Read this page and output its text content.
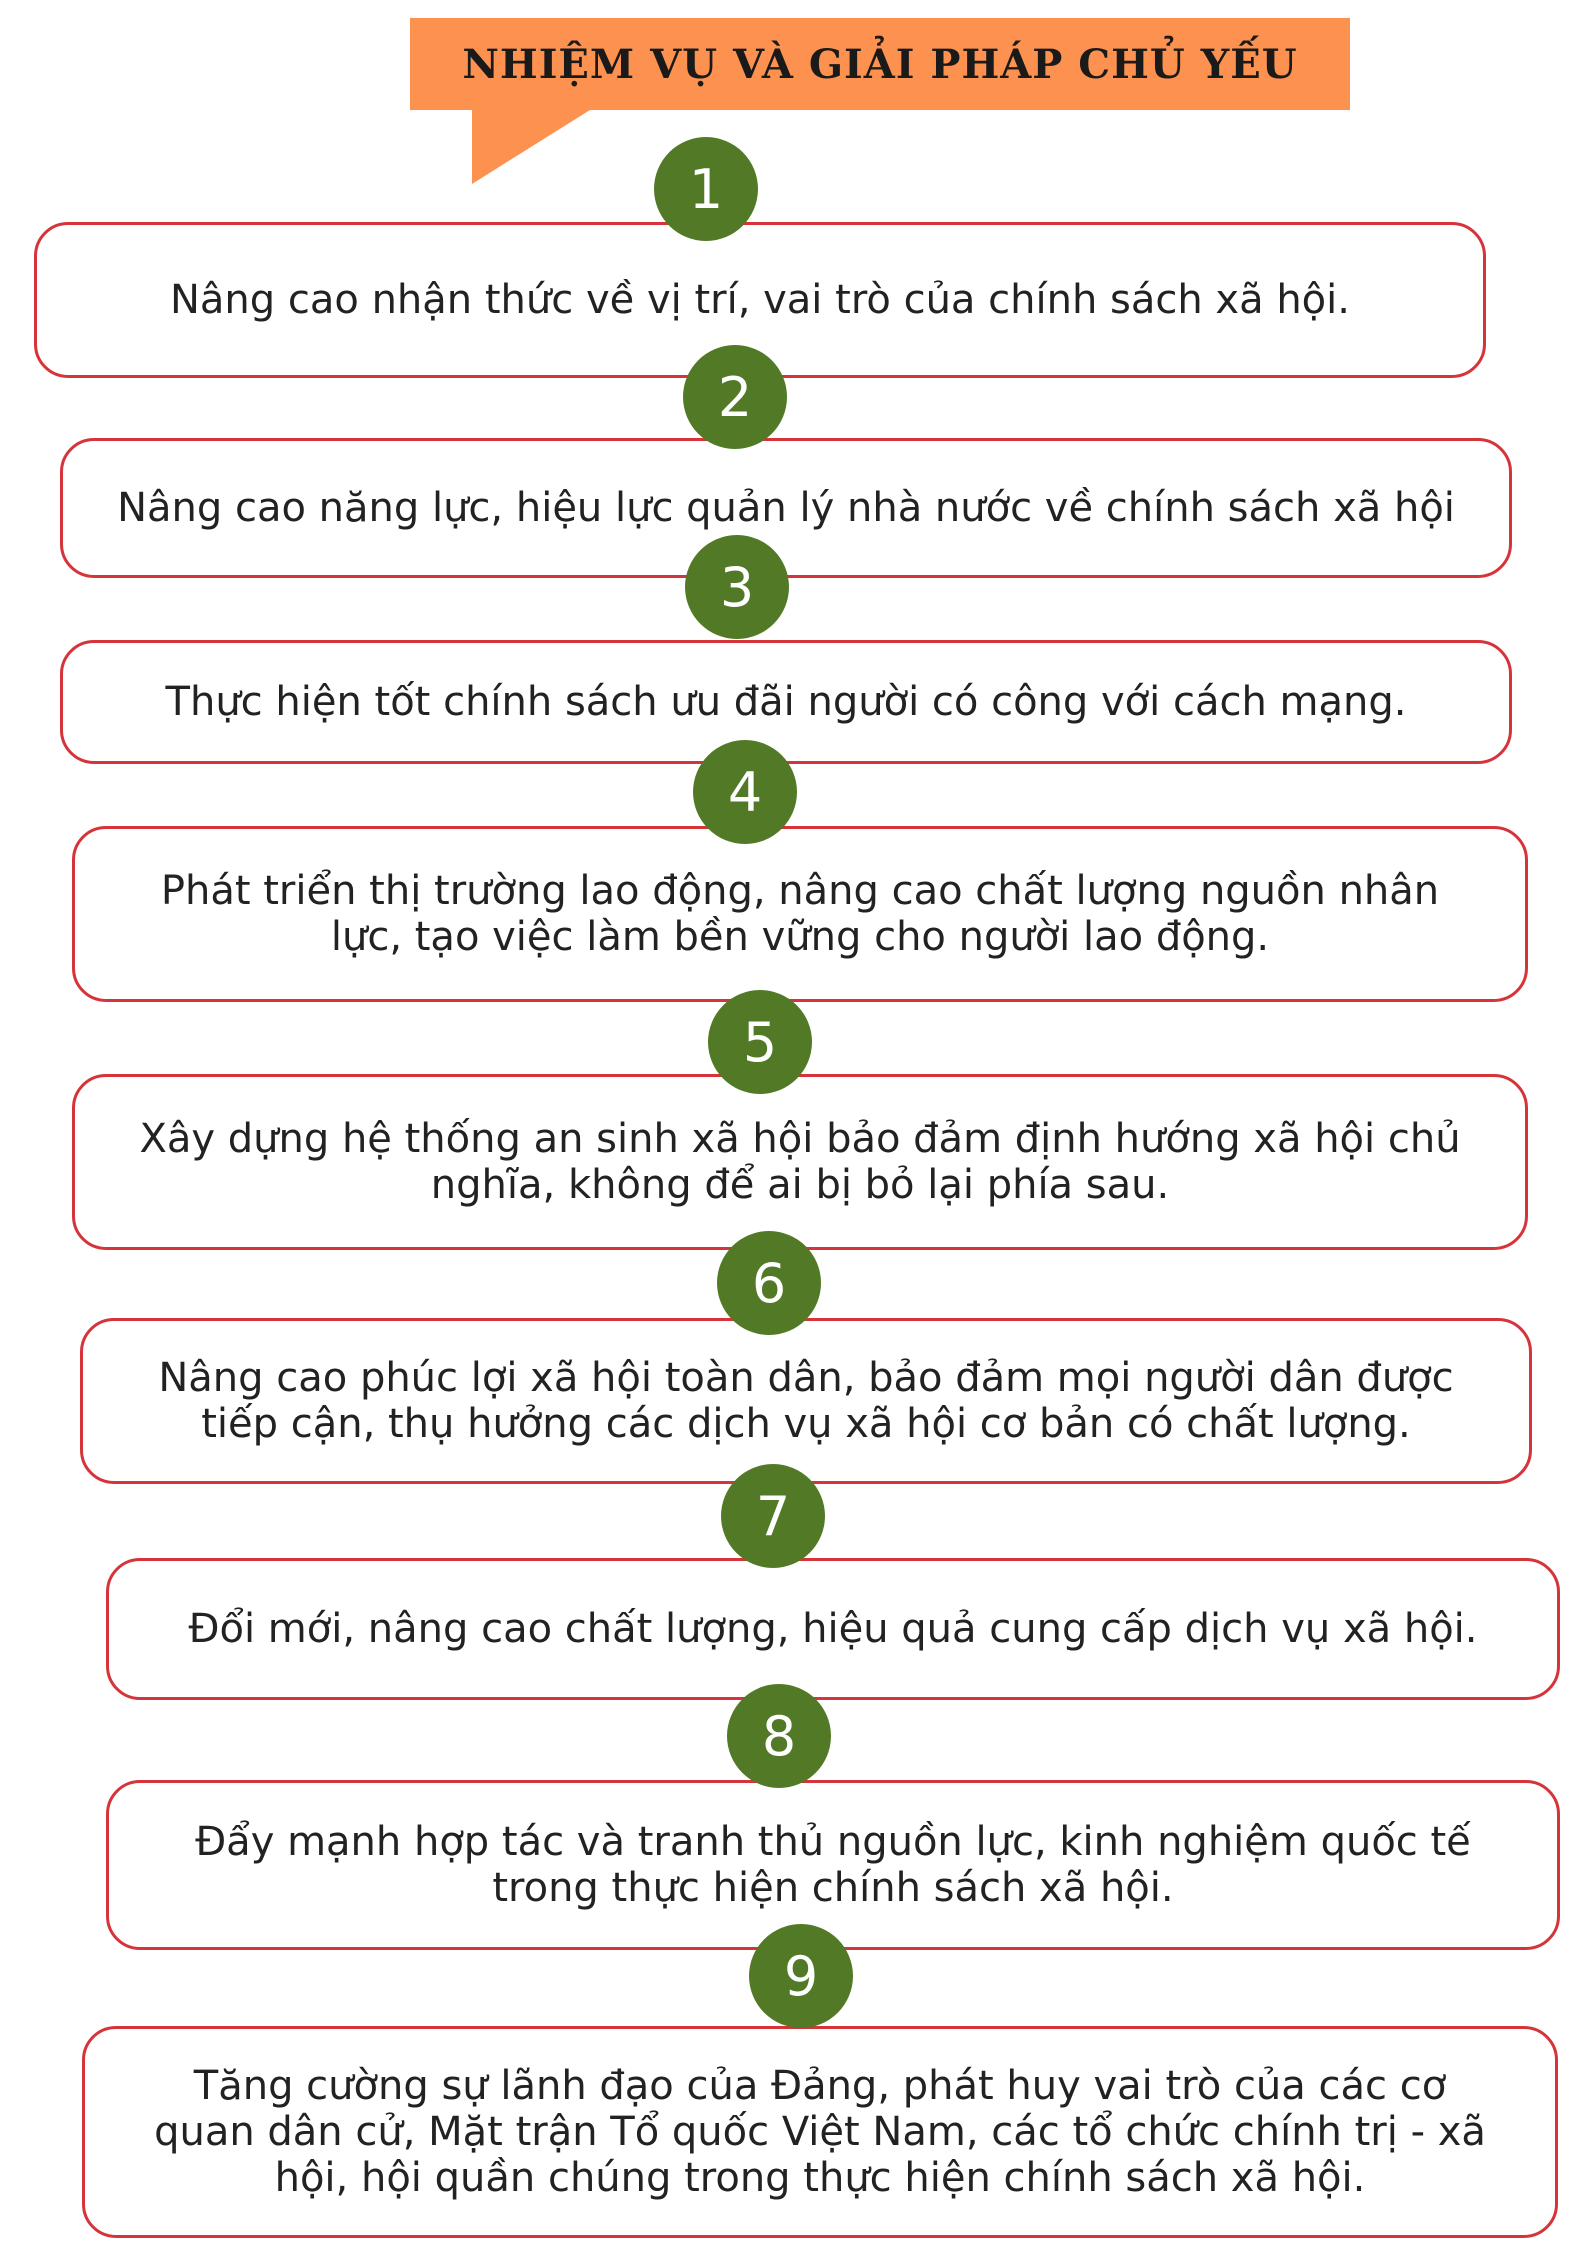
NHIỆM VỤ VÀ GIẢI PHÁP CHỦ YẾU
Nâng cao nhận thức về vị trí, vai trò của chính sách xã hội.
1
Nâng cao năng lực, hiệu lực quản lý nhà nước về chính sách xã hội
2
Thực hiện tốt chính sách ưu đãi người có công với cách mạng.
3
Phát triển thị trường lao động, nâng cao chất lượng nguồn nhân
lực, tạo việc làm bền vững cho người lao động.
4
Xây dựng hệ thống an sinh xã hội bảo đảm định hướng xã hội chủ
nghĩa, không để ai bị bỏ lại phía sau.
5
Nâng cao phúc lợi xã hội toàn dân, bảo đảm mọi người dân được
tiếp cận, thụ hưởng các dịch vụ xã hội cơ bản có chất lượng.
6
Đổi mới, nâng cao chất lượng, hiệu quả cung cấp dịch vụ xã hội.
7
Đẩy mạnh hợp tác và tranh thủ nguồn lực, kinh nghiệm quốc tế
trong thực hiện chính sách xã hội.
8
Tăng cường sự lãnh đạo của Đảng, phát huy vai trò của các cơ
quan dân cử, Mặt trận Tổ quốc Việt Nam, các tổ chức chính trị - xã
hội, hội quần chúng trong thực hiện chính sách xã hội.
9
